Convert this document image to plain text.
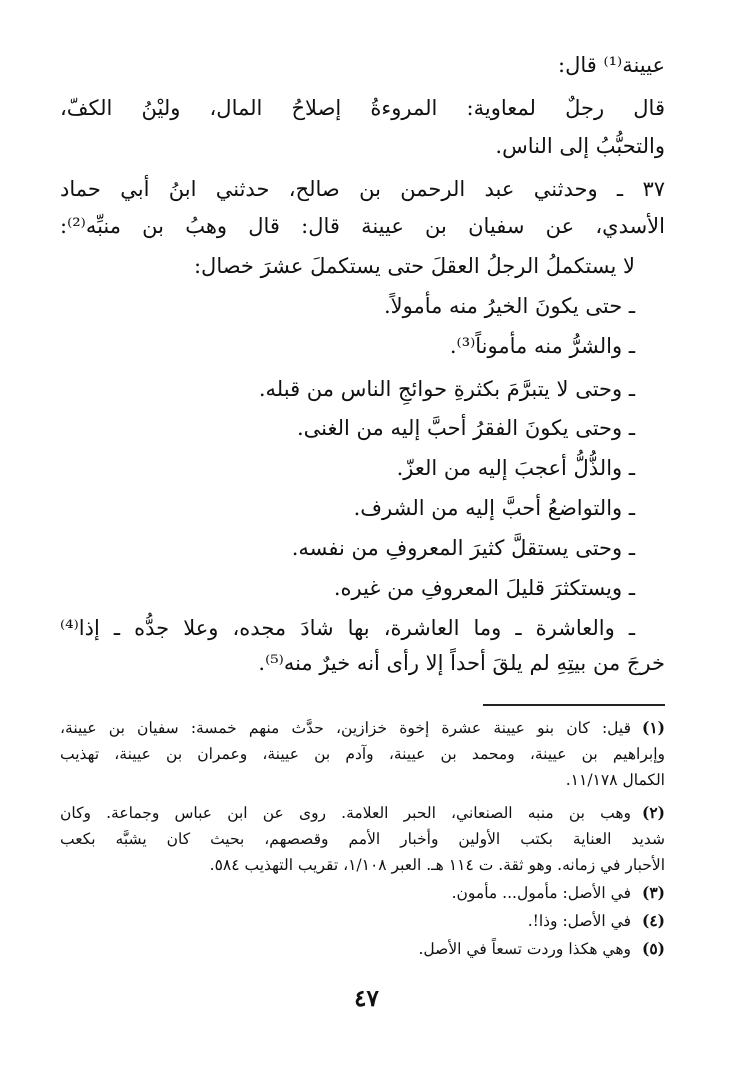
عيينة⁽¹⁾ قال:
قال رجلٌ لمعاوية: المروءةُ إصلاحُ المال، وليْنُ الكفّ،
والتحبُّبُ إلى الناس.
٣٧ ـ وحدثني عبد الرحمن بن صالح، حدثني ابنُ أبي حماد
الأسدي، عن سفيان بن عيينة قال: قال وهبُ بن منبِّه⁽²⁾:
لا يستكملُ الرجلُ العقلَ حتى يستكملَ عشرَ خصال:
ـ حتى يكونَ الخيرُ منه مأمولاً.
ـ والشرُّ منه مأموناً⁽³⁾.
ـ وحتى لا يتبرَّمَ بكثرةِ حوائجِ الناس من قبله.
ـ وحتى يكونَ الفقرُ أحبَّ إليه من الغنى.
ـ والذُّلُّ أعجبَ إليه من العزّ.
ـ والتواضعُ أحبَّ إليه من الشرف.
ـ وحتى يستقلَّ كثيرَ المعروفِ من نفسه.
ـ ويستكثرَ قليلَ المعروفِ من غيره.
ـ والعاشرة ـ وما العاشرة، بها شادَ مجده، وعلا جدُّه ـ إذا⁽⁴⁾
خرجَ من بيتِهِ لم يلقَ أحداً إلا رأى أنه خيرٌ منه⁽⁵⁾.
(١)
قيل: كان بنو عيينة عشرة إخوة خزازين، حدَّث منهم خمسة: سفيان بن عيينة،
وإبراهيم بن عيينة، ومحمد بن عيينة، وآدم بن عيينة، وعمران بن عيينة، تهذيب
الكمال ١١/١٧٨.
(٢)
وهب بن منبه الصنعاني، الحبر العلامة. روى عن ابن عباس وجماعة. وكان
شديد العناية بكتب الأولين وأخبار الأمم وقصصهم، بحيث كان يشبَّه بكعب
الأحبار في زمانه. وهو ثقة. ت ١١٤ هـ. العبر ١/١٠٨، تقريب التهذيب ٥٨٤.
(٣)
في الأصل: مأمول... مأمون.
(٤)
في الأصل: وذا!.
(٥)
وهي هكذا وردت تسعاً في الأصل.
٤٧
